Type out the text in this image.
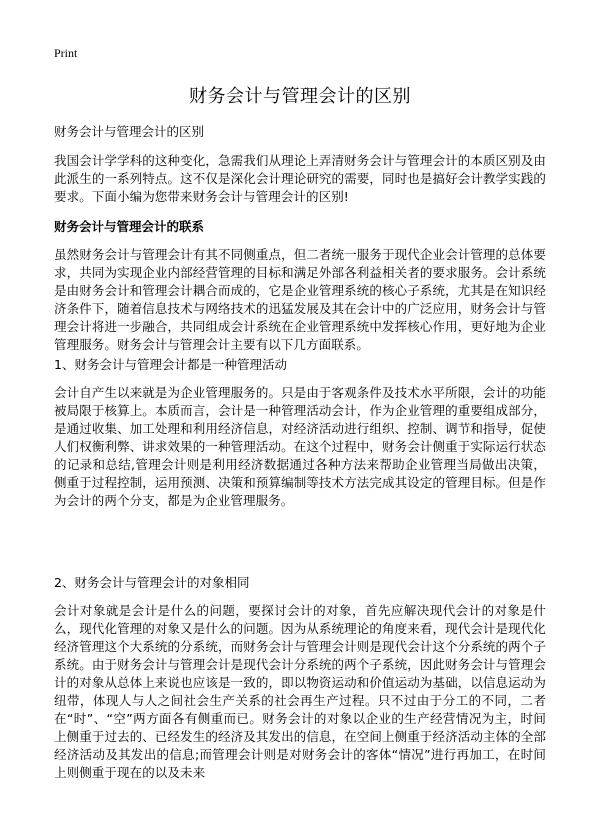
Print
财务会计与管理会计的区别

财务会计与管理会计的区别

我国会计学学科的这种变化，急需我们从理论上弄清财务会计与管理会计的本质区别及由此派生的一系列特点。这不仅是深化会计理论研究的需要，同时也是搞好会计教学实践的要求。下面小编为您带来财务会计与管理会计的区别!

财务会计与管理会计的联系

虽然财务会计与管理会计有其不同侧重点，但二者统一服务于现代企业会计管理的总体要求，共同为实现企业内部经营管理的目标和满足外部各利益相关者的要求服务。会计系统是由财务会计和管理会计耦合而成的，它是企业管理系统的核心子系统，尤其是在知识经济条件下，随着信息技术与网络技术的迅猛发展及其在会计中的广泛应用，财务会计与管理会计将进一步融合，共同组成会计系统在企业管理系统中发挥核心作用，更好地为企业管理服务。财务会计与管理会计主要有以下几方面联系。

1、财务会计与管理会计都是一种管理活动

会计自产生以来就是为企业管理服务的。只是由于客观条件及技术水平所限，会计的功能被局限于核算上。本质而言，会计是一种管理活动会计，作为企业管理的重要组成部分，是通过收集、加工处理和利用经济信息，对经济活动进行组织、控制、调节和指导，促使人们权衡利弊、讲求效果的一种管理活动。在这个过程中，财务会计侧重于实际运行状态的记录和总结,管理会计则是利用经济数据通过各种方法来帮助企业管理当局做出决策，侧重于过程控制，运用预测、决策和预算编制等技术方法完成其设定的管理目标。但是作为会计的两个分支，都是为企业管理服务。

2、财务会计与管理会计的对象相同

会计对象就是会计是什么的问题，要探讨会计的对象，首先应解决现代会计的对象是什么，现代化管理的对象又是什么的问题。因为从系统理论的角度来看，现代会计是现代化经济管理这个大系统的分系统，而财务会计与管理会计则是现代会计这个分系统的两个子系统。由于财务会计与管理会计是现代会计分系统的两个子系统，因此财务会计与管理会计的对象从总体上来说也应该是一致的，即以物资运动和价值运动为基础，以信息运动为纽带，体现人与人之间社会生产关系的社会再生产过程。只不过由于分工的不同，二者在“时”、“空”两方面各有侧重而已。财务会计的对象以企业的生产经营情况为主，时间上侧重于过去的、已经发生的经济及其发出的信息，在空间上侧重于经济活动主体的全部经济活动及其发出的信息;而管理会计则是对财务会计的客体“情况”进行再加工，在时间上则侧重于现在的以及未来
